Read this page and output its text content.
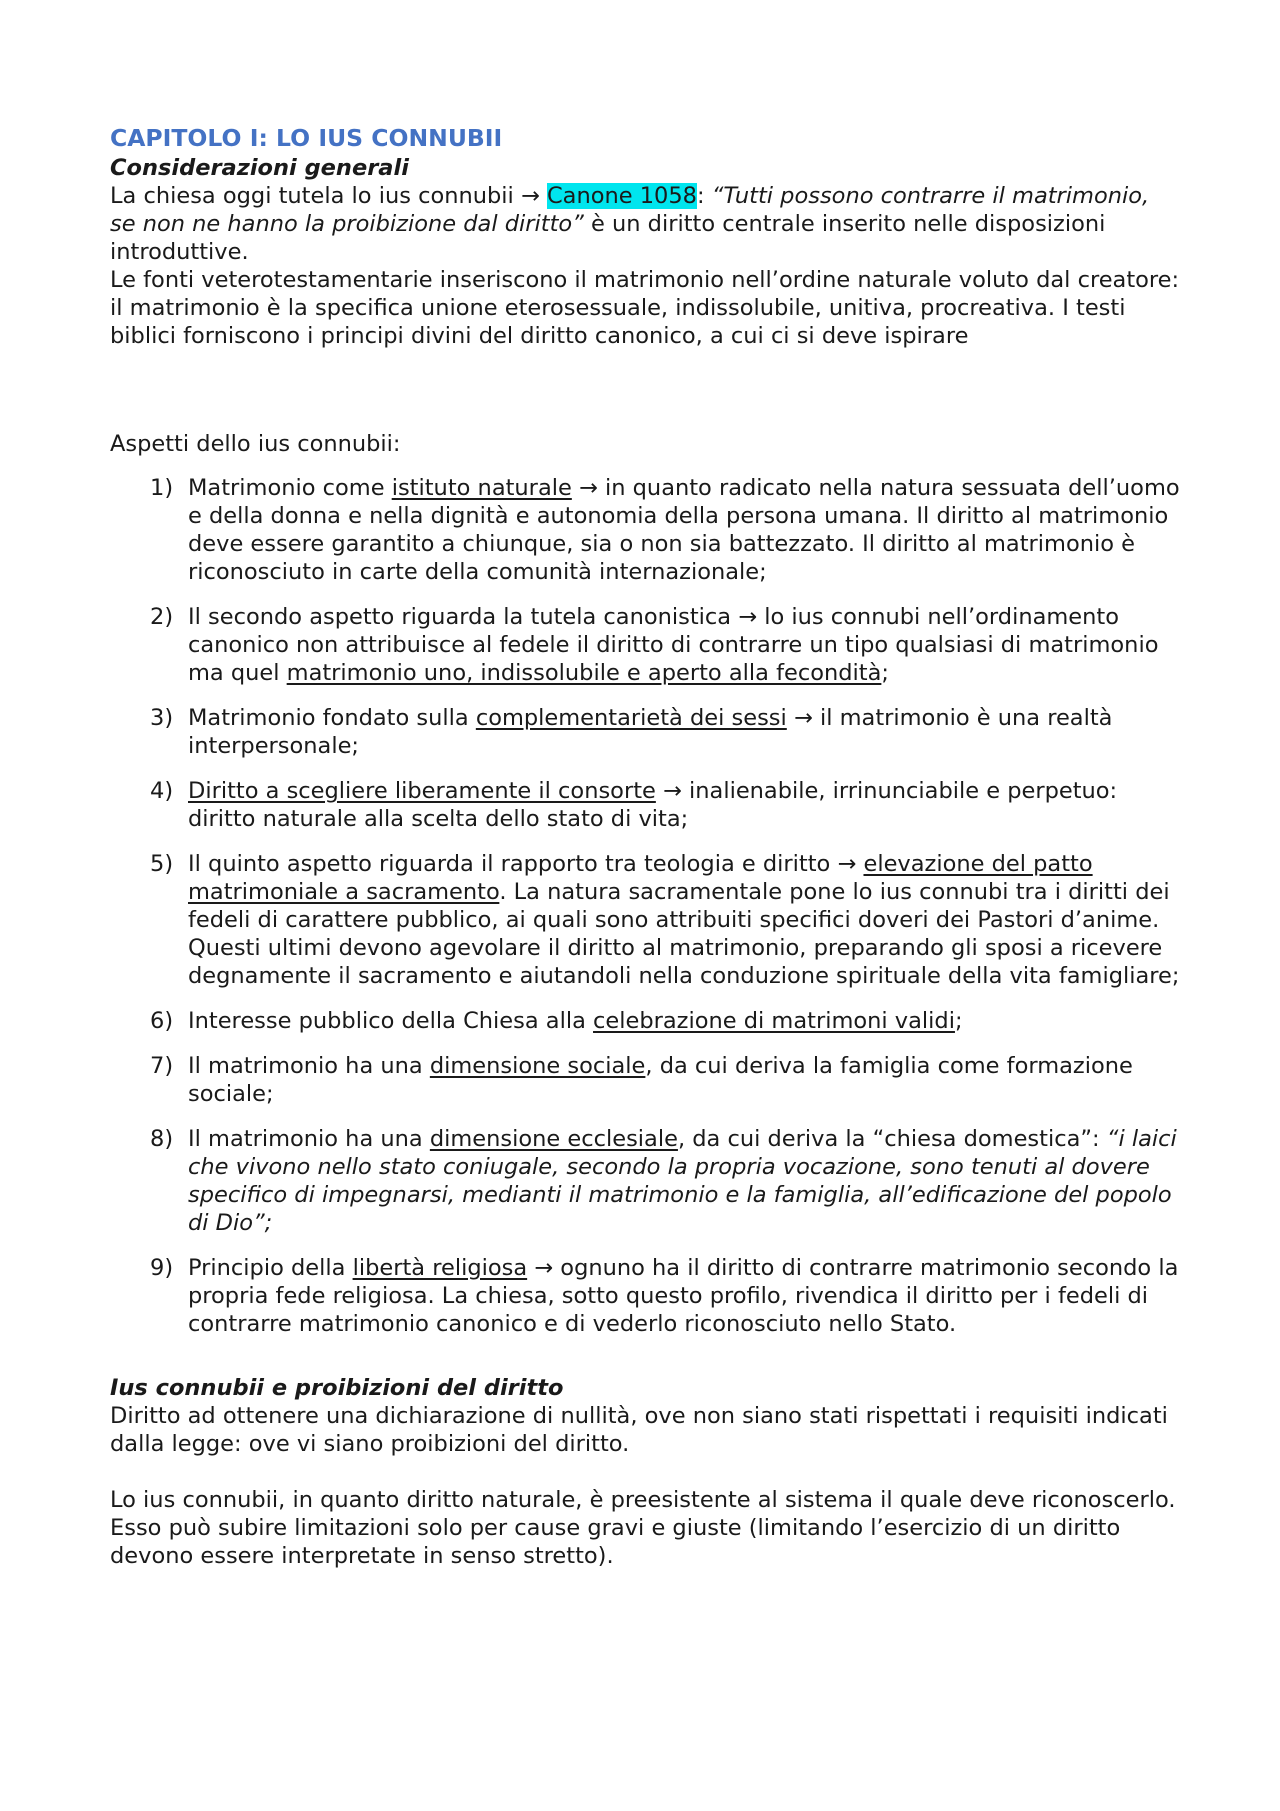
CAPITOLO I: LO IUS CONNUBII

Considerazioni generali

La chiesa oggi tutela lo ius connubii → Canone 1058: “Tutti possono contrarre il matrimonio, se non ne hanno la proibizione dal diritto” è un diritto centrale inserito nelle disposizioni introduttive.

Le fonti veterotestamentarie inseriscono il matrimonio nell’ordine naturale voluto dal creatore: il matrimonio è la specifica unione eterosessuale, indissolubile, unitiva, procreativa. I testi biblici forniscono i principi divini del diritto canonico, a cui ci si deve ispirare

Aspetti dello ius connubii:

1) Matrimonio come istituto naturale → in quanto radicato nella natura sessuata dell’uomo e della donna e nella dignità e autonomia della persona umana. Il diritto al matrimonio deve essere garantito a chiunque, sia o non sia battezzato. Il diritto al matrimonio è riconosciuto in carte della comunità internazionale;
2) Il secondo aspetto riguarda la tutela canonistica → lo ius connubi nell’ordinamento canonico non attribuisce al fedele il diritto di contrarre un tipo qualsiasi di matrimonio ma quel matrimonio uno, indissolubile e aperto alla fecondità;
3) Matrimonio fondato sulla complementarietà dei sessi → il matrimonio è una realtà interpersonale;
4) Diritto a scegliere liberamente il consorte → inalienabile, irrinunciabile e perpetuo: diritto naturale alla scelta dello stato di vita;
5) Il quinto aspetto riguarda il rapporto tra teologia e diritto → elevazione del patto matrimoniale a sacramento. La natura sacramentale pone lo ius connubi tra i diritti dei fedeli di carattere pubblico, ai quali sono attribuiti specifici doveri dei Pastori d’anime. Questi ultimi devono agevolare il diritto al matrimonio, preparando gli sposi a ricevere degnamente il sacramento e aiutandoli nella conduzione spirituale della vita famigliare;
6) Interesse pubblico della Chiesa alla celebrazione di matrimoni validi;
7) Il matrimonio ha una dimensione sociale, da cui deriva la famiglia come formazione sociale;
8) Il matrimonio ha una dimensione ecclesiale, da cui deriva la “chiesa domestica”: “i laici che vivono nello stato coniugale, secondo la propria vocazione, sono tenuti al dovere specifico di impegnarsi, medianti il matrimonio e la famiglia, all’edificazione del popolo di Dio”;
9) Principio della libertà religiosa → ognuno ha il diritto di contrarre matrimonio secondo la propria fede religiosa. La chiesa, sotto questo profilo, rivendica il diritto per i fedeli di contrarre matrimonio canonico e di vederlo riconosciuto nello Stato.

Ius connubii e proibizioni del diritto

Diritto ad ottenere una dichiarazione di nullità, ove non siano stati rispettati i requisiti indicati dalla legge: ove vi siano proibizioni del diritto.

Lo ius connubii, in quanto diritto naturale, è preesistente al sistema il quale deve riconoscerlo. Esso può subire limitazioni solo per cause gravi e giuste (limitando l’esercizio di un diritto devono essere interpretate in senso stretto).
